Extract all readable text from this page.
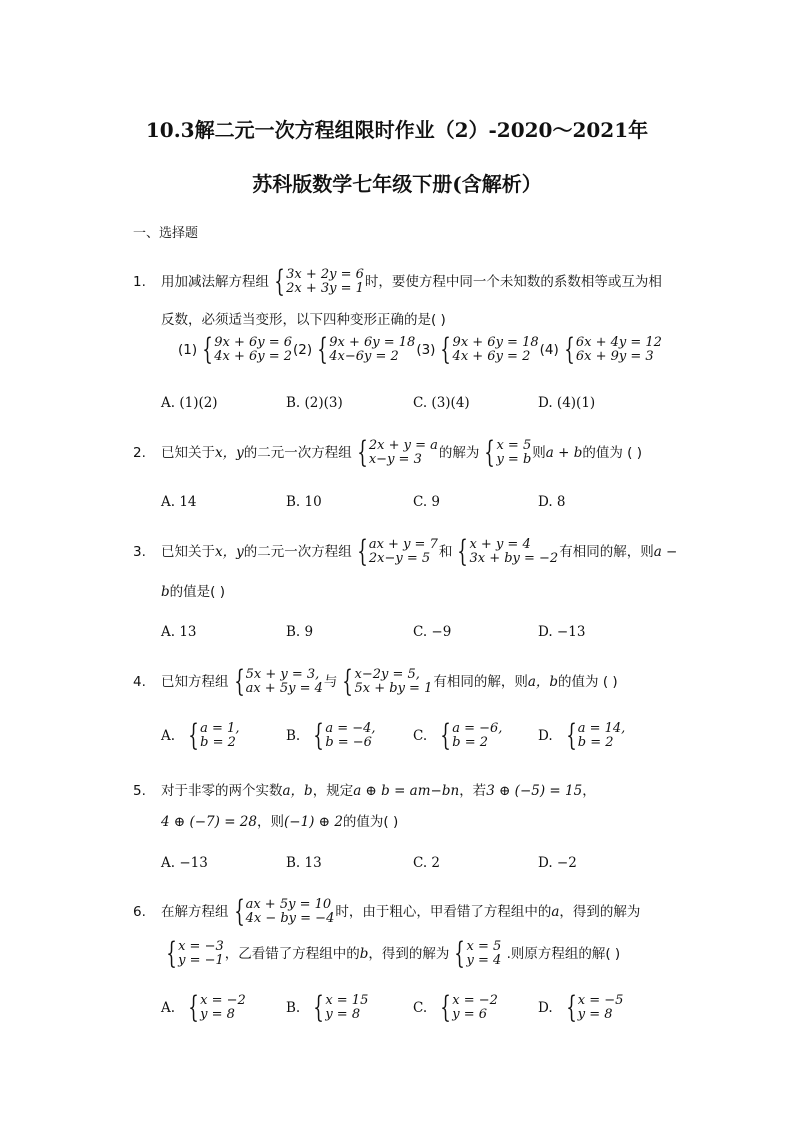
10.3解二元一次方程组限时作业（2）-2020～2021年
苏科版数学七年级下册(含解析）
一、选择题
1. 用加减法解方程组 { 3x + 2y = 6
2x + 3y = 1 时，要使方程中同一个未知数的系数相等或互为相
反数，必须适当变形，以下四种变形正确的是( )
(1) { 9x + 6y = 6
4x + 6y = 2 (2) { 9x + 6y = 18
4x−6y = 2	(3) { 9x + 6y = 18
4x + 6y = 2 (4) { 6x + 4y = 12
6x + 9y = 3
A. (1)(2)	B. (2)(3)	C. (3)(4)	D. (4)(1)
2. 已知关于x，y的二元一次方程组 { 2x + y = a
x−y = 3	的解为 { x = 5
y = b 则a + b的值为 ( )
A. 14	B. 10	C. 9	D. 8
3. 已知关于x，y的二元一次方程组 { ax + y = 7
2x−y = 5 和 { x + y = 4
3x + by = −2 有相同的解，则a −
b的值是( )
A. 13	B. 9	C. −9	D. −13
4. 已知方程组 { 5x + y = 3,
ax + 5y = 4 与 { x−2y = 5,
5x + by = 1 有相同的解，则a，b的值为 ( )
A. { a = 1,
b = 2	B. { a = −4,
b = −6	C. { a = −6,
b = 2	D. { a = 14,
b = 2
5. 对于非零的两个实数a，b，规定a ⊕ b = am−bn，若3 ⊕ (−5) = 15，
4 ⊕ (−7) = 28，则(−1) ⊕ 2的值为( )
A. −13	B. 13	C. 2	D. −2
6. 在解方程组 { ax + 5y = 10
4x − by = −4 时，由于粗心，甲看错了方程组中的a，得到的解为
{ x = −3
y = −1 ，乙看错了方程组中的b，得到的解为 { x = 5
y = 4 .则原方程组的解( )
A. { x = −2
y = 8	B. { x = 15
y = 8	C. { x = −2
y = 6	D. { x = −5
y = 8
